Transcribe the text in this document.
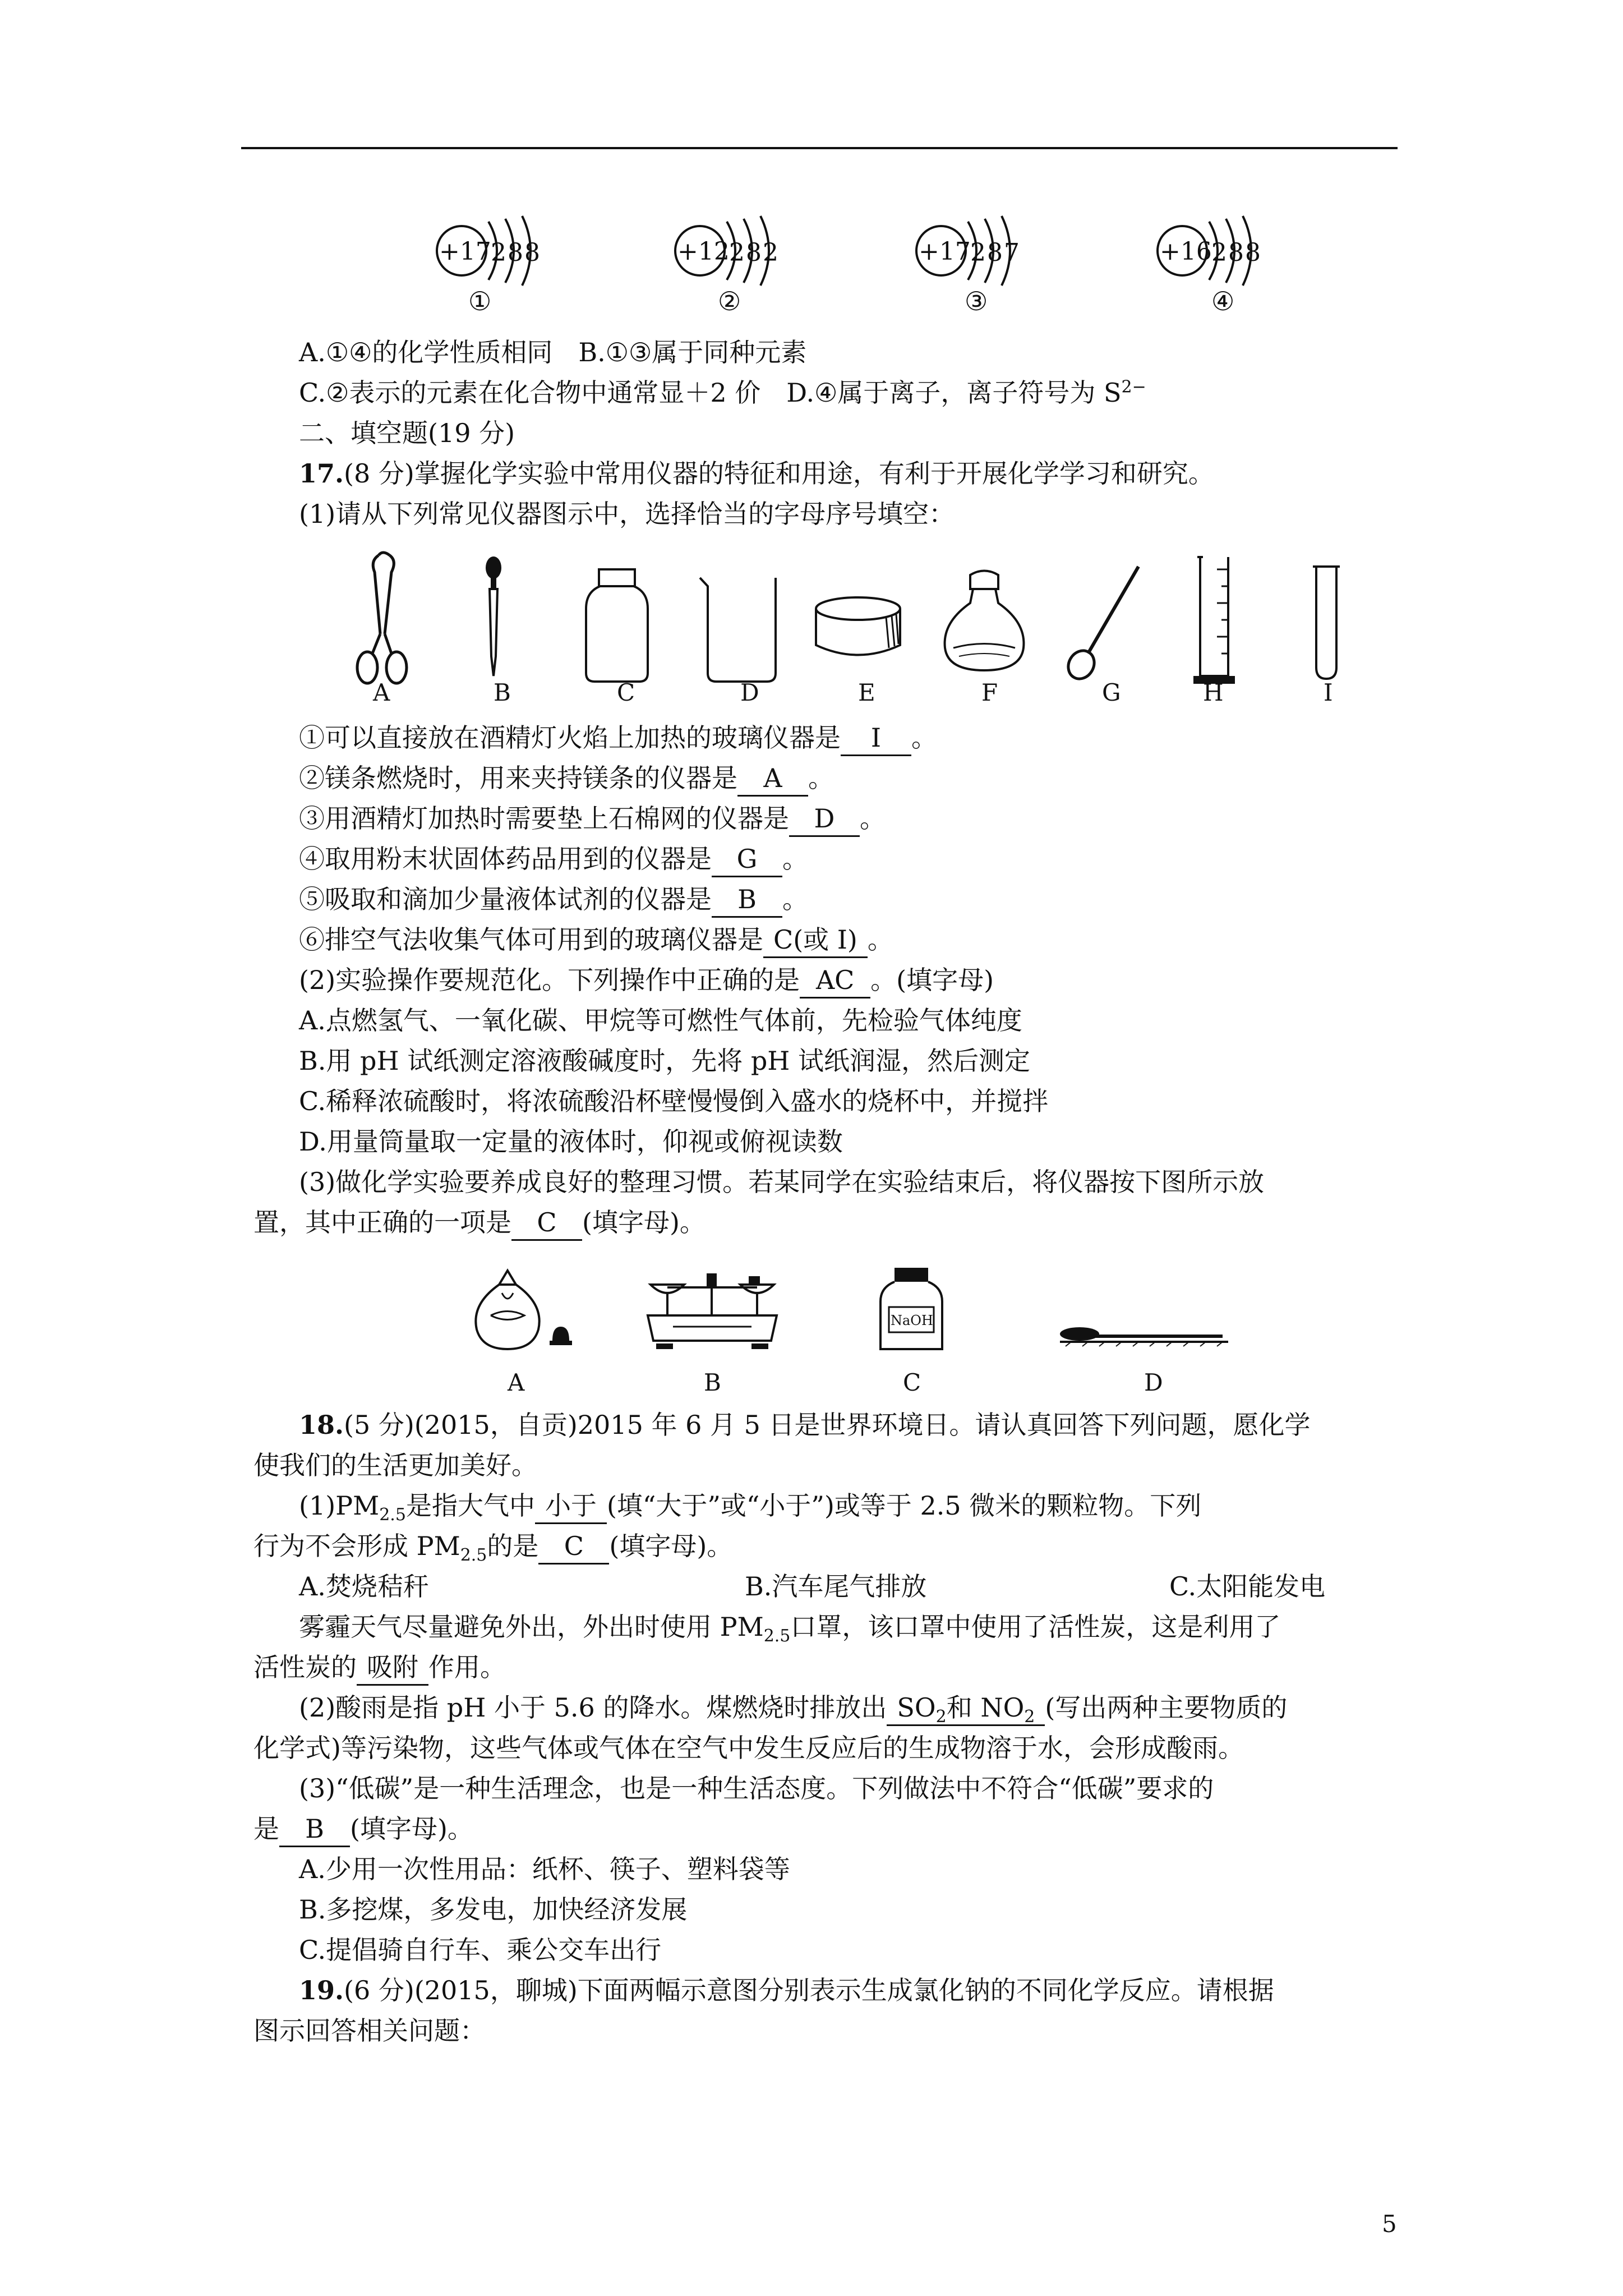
+17 2 8 8	+12 2 8 2	+17 2 8 7	+16 2 8 8
①	②	③	④
A.①④的化学性质相同　B.①③属于同种元素
C.②表示的元素在化合物中通常显＋2 价　D.④属于离子，离子符号为 $S^{2-}$
二、填空题(19 分)
17.(8 分)掌握化学实验中常用仪器的特征和用途，有利于开展化学学习和研究。
(1)请从下列常见仪器图示中，选择恰当的字母序号填空：
A	B	C	D	E	F	G	H	I
①可以直接放在酒精灯火焰上加热的玻璃仪器是 I 。
②镁条燃烧时，用来夹持镁条的仪器是 A 。
③用酒精灯加热时需要垫上石棉网的仪器是 D 。
④取用粉末状固体药品用到的仪器是 G 。
⑤吸取和滴加少量液体试剂的仪器是 B 。
⑥排空气法收集气体可用到的玻璃仪器是 C(或 I) 。
(2)实验操作要规范化。下列操作中正确的是 AC 。(填字母)
A.点燃氢气、一氧化碳、甲烷等可燃性气体前，先检验气体纯度
B.用 pH 试纸测定溶液酸碱度时，先将 pH 试纸润湿，然后测定
C.稀释浓硫酸时，将浓硫酸沿杯壁慢慢倒入盛水的烧杯中，并搅拌
D.用量筒量取一定量的液体时，仰视或俯视读数
(3)做化学实验要养成良好的整理习惯。若某同学在实验结束后，将仪器按下图所示放
置，其中正确的一项是 C (填字母)。
NaOH
A	B	C	D
18.(5 分)(2015，自贡)2015 年 6 月 5 日是世界环境日。请认真回答下列问题，愿化学
使我们的生活更加美好。
$(1)PM_{2.5}$是指大气中 小于 (填“大于”或“小于”)或等于 2.5 微米的颗粒物。下列
行为不会形成 $PM_{2.5}$的是 C (填字母)。
A.焚烧秸秆	B.汽车尾气排放	C.太阳能发电
雾霾天气尽量避免外出，外出时使用 $PM_{2.5}$口罩，该口罩中使用了活性炭，这是利用了
活性炭的 吸附 作用。
(2)酸雨是指 pH 小于 5.6 的降水。煤燃烧时排放出 $SO_2$和 $NO_2$ (写出两种主要物质的
化学式)等污染物，这些气体或气体在空气中发生反应后的生成物溶于水，会形成酸雨。
(3)“低碳”是一种生活理念，也是一种生活态度。下列做法中不符合“低碳”要求的
是 B (填字母)。
A.少用一次性用品：纸杯、筷子、塑料袋等
B.多挖煤，多发电，加快经济发展
C.提倡骑自行车、乘公交车出行
19.(6 分)(2015，聊城)下面两幅示意图分别表示生成氯化钠的不同化学反应。请根据
图示回答相关问题：
5
